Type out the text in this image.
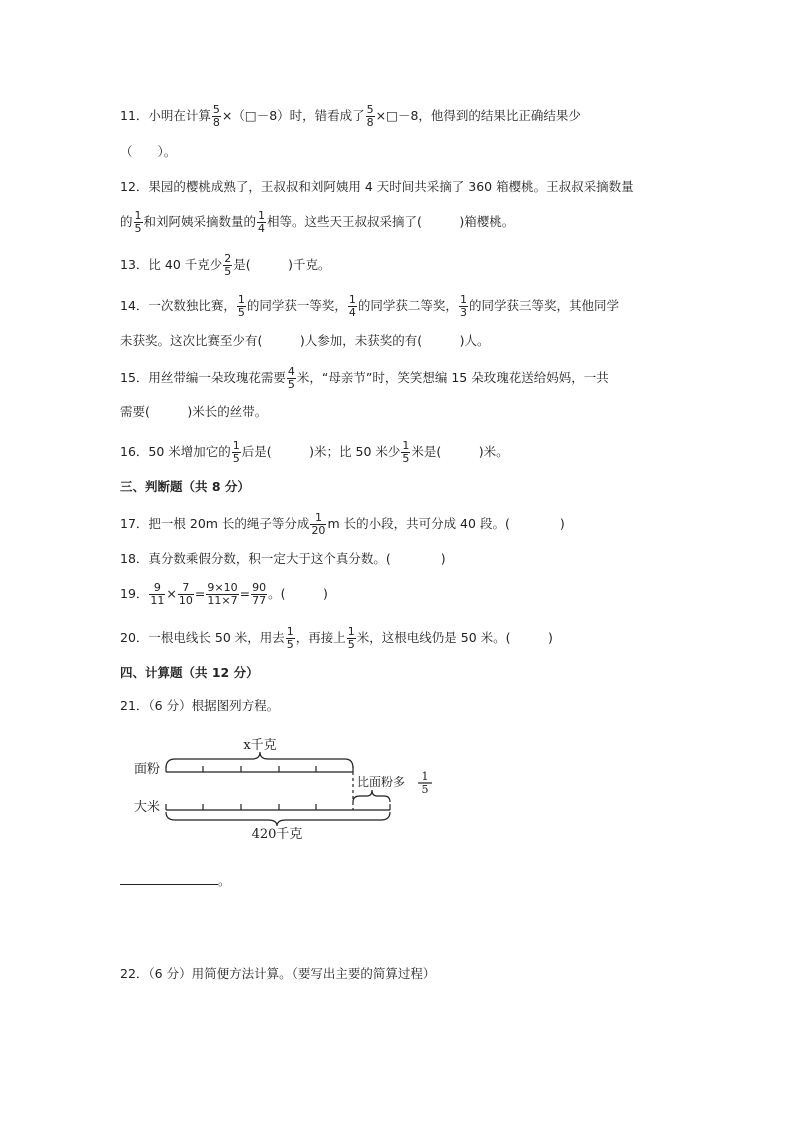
11．小明在计算 $\frac{5}{8}$ ×（□－8）时，错看成了 $\frac{5}{8}$ ×□－8，他得到的结果比正确结果少
（　　）。
12．果园的樱桃成熟了，王叔叔和刘阿姨用 4 天时间共采摘了 360 箱樱桃。王叔叔采摘数量
的 $\frac{1}{5}$ 和刘阿姨采摘数量的 $\frac{1}{4}$ 相等。这些天王叔叔采摘了(　　　)箱樱桃。
13．比 40 千克少 $\frac{2}{5}$ 是(　　　)千克。
14．一次数独比赛， $\frac{1}{5}$ 的同学获一等奖， $\frac{1}{4}$ 的同学获二等奖， $\frac{1}{3}$ 的同学获三等奖，其他同学
未获奖。这次比赛至少有(　　　)人参加，未获奖的有(　　　)人。
15．用丝带编一朵玫瑰花需要 $\frac{4}{5}$ 米，“母亲节”时，笑笑想编 15 朵玫瑰花送给妈妈，一共
需要(　　　)米长的丝带。
16．50 米增加它的 $\frac{1}{5}$ 后是(　　　)米；比 50 米少 $\frac{1}{5}$ 米是(　　　)米。
三、判断题（共 8 分）
17．把一根 20m 长的绳子等分成 $\frac{1}{20}$ m 长的小段，共可分成 40 段。(　　　　)
18．真分数乘假分数，积一定大于这个真分数。(　　　　)
19． $\frac{9}{11} \times \frac{7}{10} = \frac{9\times 10}{11\times 7} = \frac{90}{77}$ 。(　　　)
20．一根电线长 50 米，用去 $\frac{1}{5}$ ，再接上 $\frac{1}{5}$ 米，这根电线仍是 50 米。(　　　)
四、计算题（共 12 分）
21．（6 分）根据图列方程。
x千克
面粉
大米
比面粉多 1
5
420千克
。
22．（6 分）用简便方法计算。（要写出主要的简算过程）
